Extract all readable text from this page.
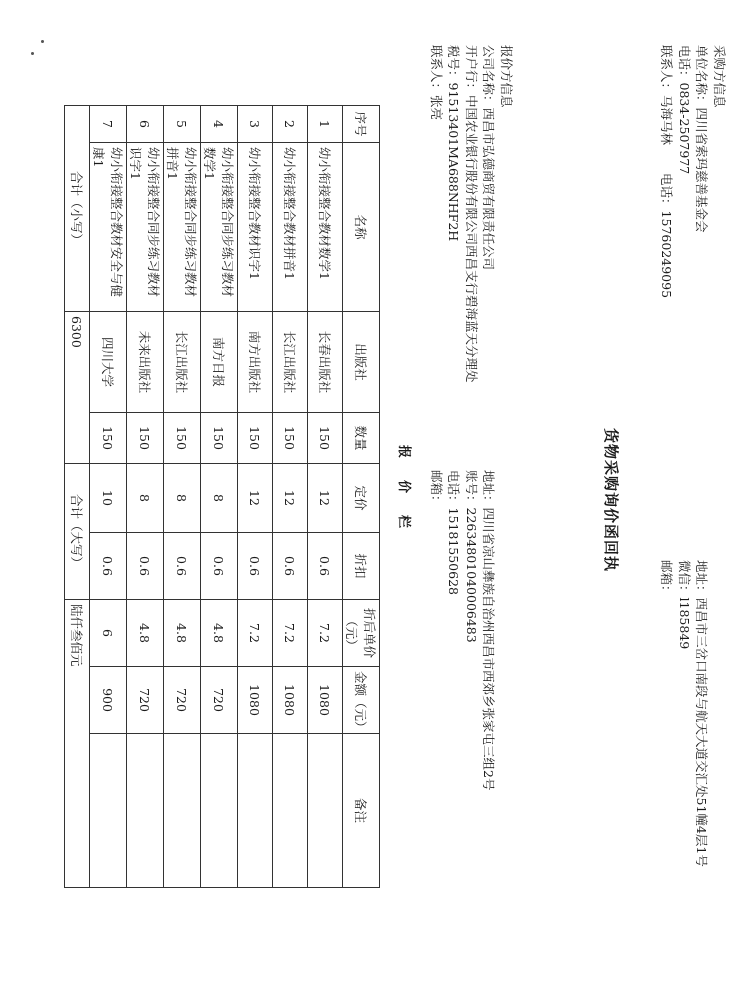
采购方信息
单位名称：四川省索玛慈善基金会
电话：0834-2507977
联系人：马海马林电话：15760249095
货物采购询价函回执
地址：西昌市三岔口南段与航天大道交汇处51幢4层1号
微信：l185849
邮箱：
报价方信息
公司名称：西昌市弘德商贸有限责任公司
开户行：中国农业银行股份有限公司西昌支行碧海蓝天分理处
税号：91513401MA688NHF2H
联系人：张亮
地址：四川省凉山彝族自治州西昌市西郊乡张家屯三组2号
账号：22634801040006483
电话：15181550628
邮箱：
报价栏
序号	名称	出版社	数量	定价	折扣	折后单价（元）	金额（元）	备注
1	幼小衔接整合教材数学1	长春出版社	150	12	0.6	7.2	1080	
2	幼小衔接整合教材拼音1	长江出版社	150	12	0.6	7.2	1080	
3	幼小衔接整合教材识字1	南方出版社	150	12	0.6	7.2	1080	
4	幼小衔接整合同步练习教材数学1	南方日报	150	8	0.6	4.8	720	
5	幼小衔接整合同步练习教材拼音1	长江出版社	150	8	0.6	4.8	720	
6	幼小衔接整合同步练习教材识字1	未来出版社	150	8	0.6	4.8	720	
7	幼小衔接整合教材安全与健康1	四川大学	150	10	0.6	6	900	
合计（小写）		6300		合计（大写）		陆仟叁佰元		
